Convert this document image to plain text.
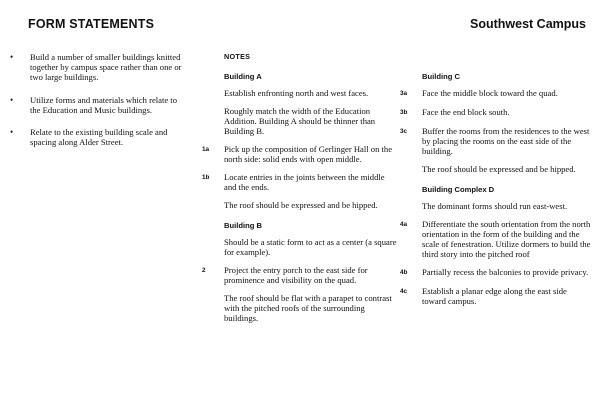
FORM STATEMENTS	Southwest Campus
•	Build a number of smaller buildings knitted together by campus space rather than one or two large buildings.
•	Utilize forms and materials which relate to the Education and Music buildings.
•	Relate to the existing building scale and spacing along Alder Street.
NOTES
Building A
Establish enfronting north and west faces.
Roughly match the width of the Education Addition. Building A should be thinner than Building B.
1a	Pick up the composition of Gerlinger Hall on the north side: solid ends with open middle.
1b	Locate entries in the joints between the middle and the ends.
The roof should be expressed and be hipped.
Building B
Should be a static form to act as a center (a square for example).
2	Project the entry porch to the east side for prominence and visibility on the quad.
The roof should be flat with a parapet to contrast with the pitched roofs of the surrounding buildings.
Building C
3a	Face the middle block toward the quad.
3b	Face the end block south.
3c	Buffer the rooms from the residences to the west by placing the rooms on the east side of the building.
The roof should be expressed and be hipped.
Building Complex D
The dominant forms should run east-west.
4a	Differentiate the south orientation from the north orientation in the form of the building and the scale of fenestration. Utilize dormers to build the third story into the pitched roof
4b	Partially recess the balconies to provide privacy.
4c	Establish a planar edge along the east side toward campus.
